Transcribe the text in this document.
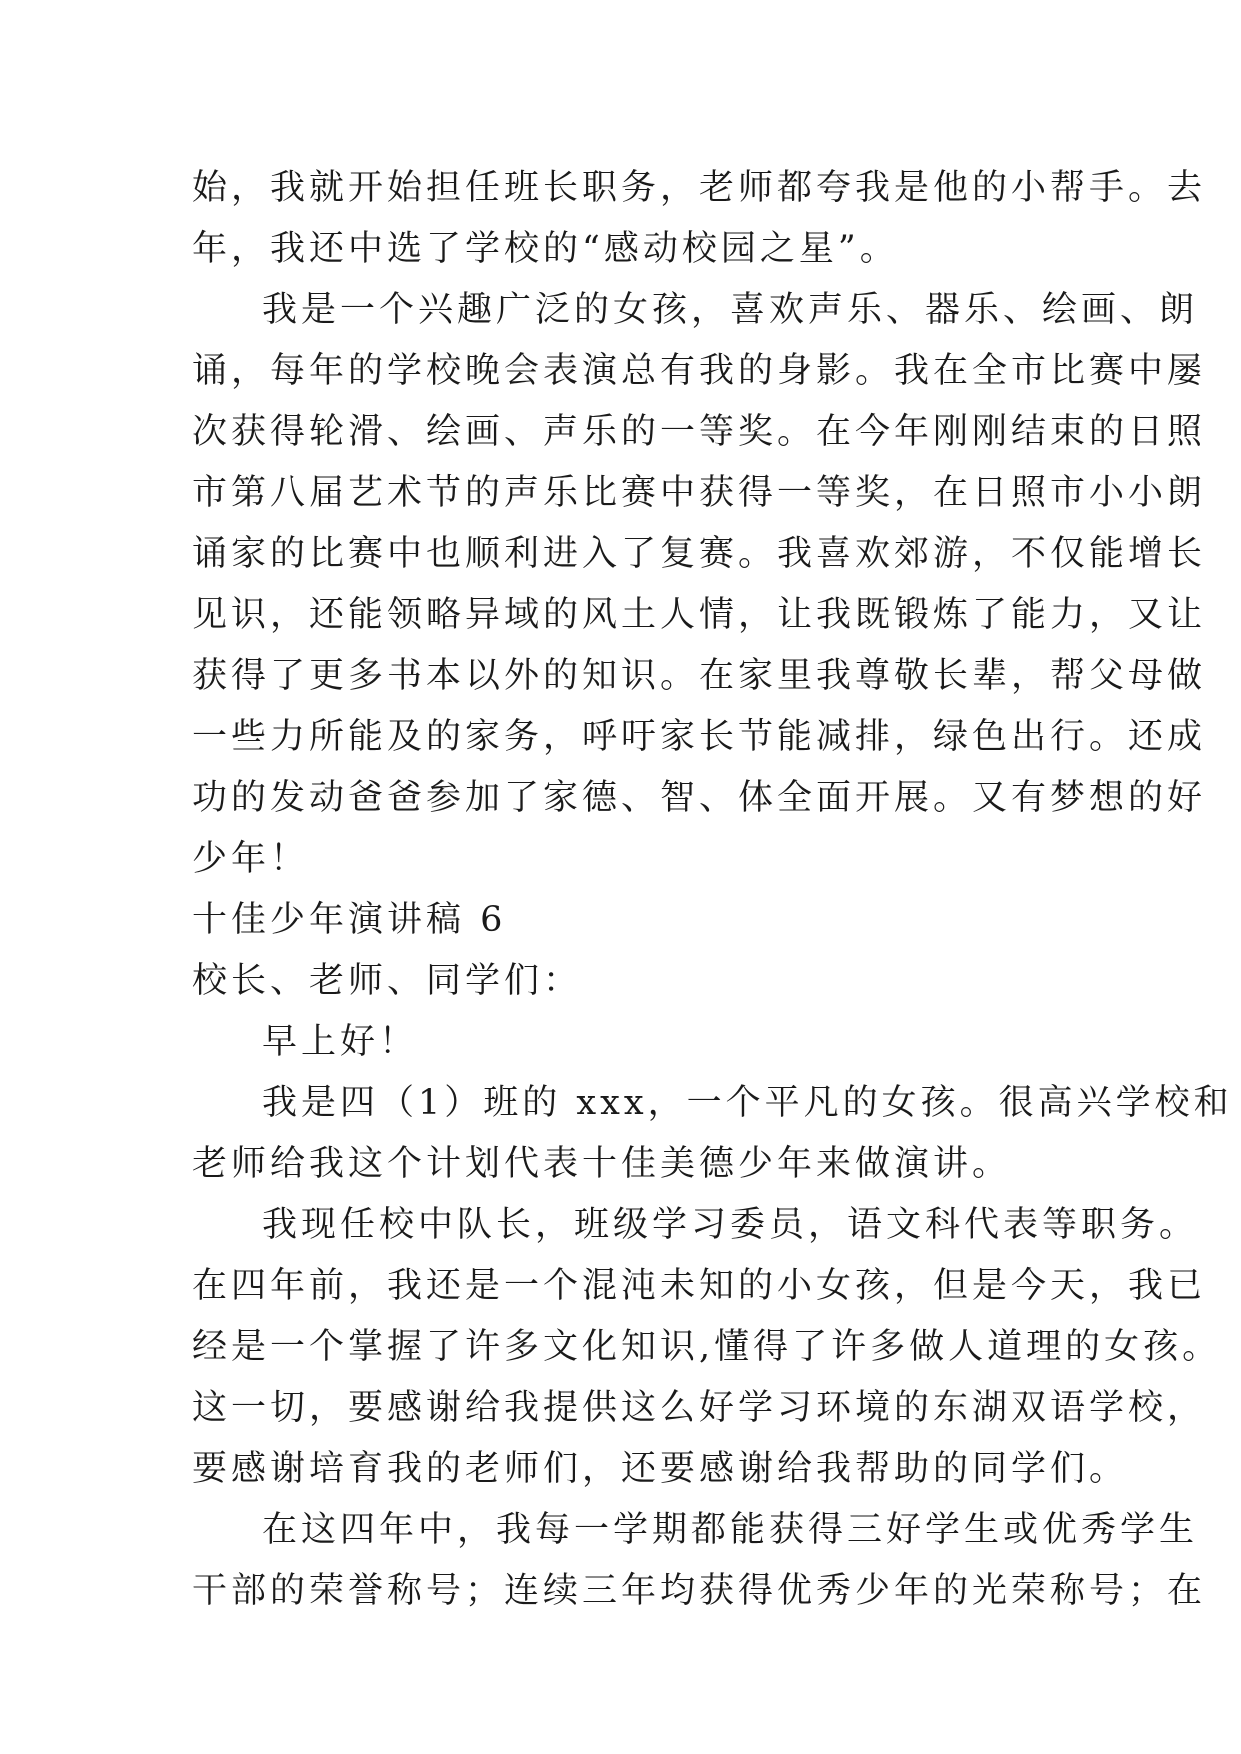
始，我就开始担任班长职务，老师都夸我是他的小帮手。去
年，我还中选了学校的“感动校园之星”。

我是一个兴趣广泛的女孩，喜欢声乐、器乐、绘画、朗
诵，每年的学校晚会表演总有我的身影。我在全市比赛中屡
次获得轮滑、绘画、声乐的一等奖。在今年刚刚结束的日照
市第八届艺术节的声乐比赛中获得一等奖，在日照市小小朗
诵家的比赛中也顺利进入了复赛。我喜欢郊游，不仅能增长
见识，还能领略异域的风土人情，让我既锻炼了能力，又让
获得了更多书本以外的知识。在家里我尊敬长辈，帮父母做
一些力所能及的家务，呼吁家长节能减排，绿色出行。还成
功的发动爸爸参加了家德、智、体全面开展。又有梦想的好
少年！

十佳少年演讲稿 6

校长、老师、同学们：

早上好！

我是四（1）班的 xxx，一个平凡的女孩。很高兴学校和
老师给我这个计划代表十佳美德少年来做演讲。

我现任校中队长，班级学习委员，语文科代表等职务。
在四年前，我还是一个混沌未知的小女孩，但是今天，我已
经是一个掌握了许多文化知识,懂得了许多做人道理的女孩。
这一切，要感谢给我提供这么好学习环境的东湖双语学校，
要感谢培育我的老师们，还要感谢给我帮助的同学们。

在这四年中，我每一学期都能获得三好学生或优秀学生
干部的荣誉称号；连续三年均获得优秀少年的光荣称号；在
